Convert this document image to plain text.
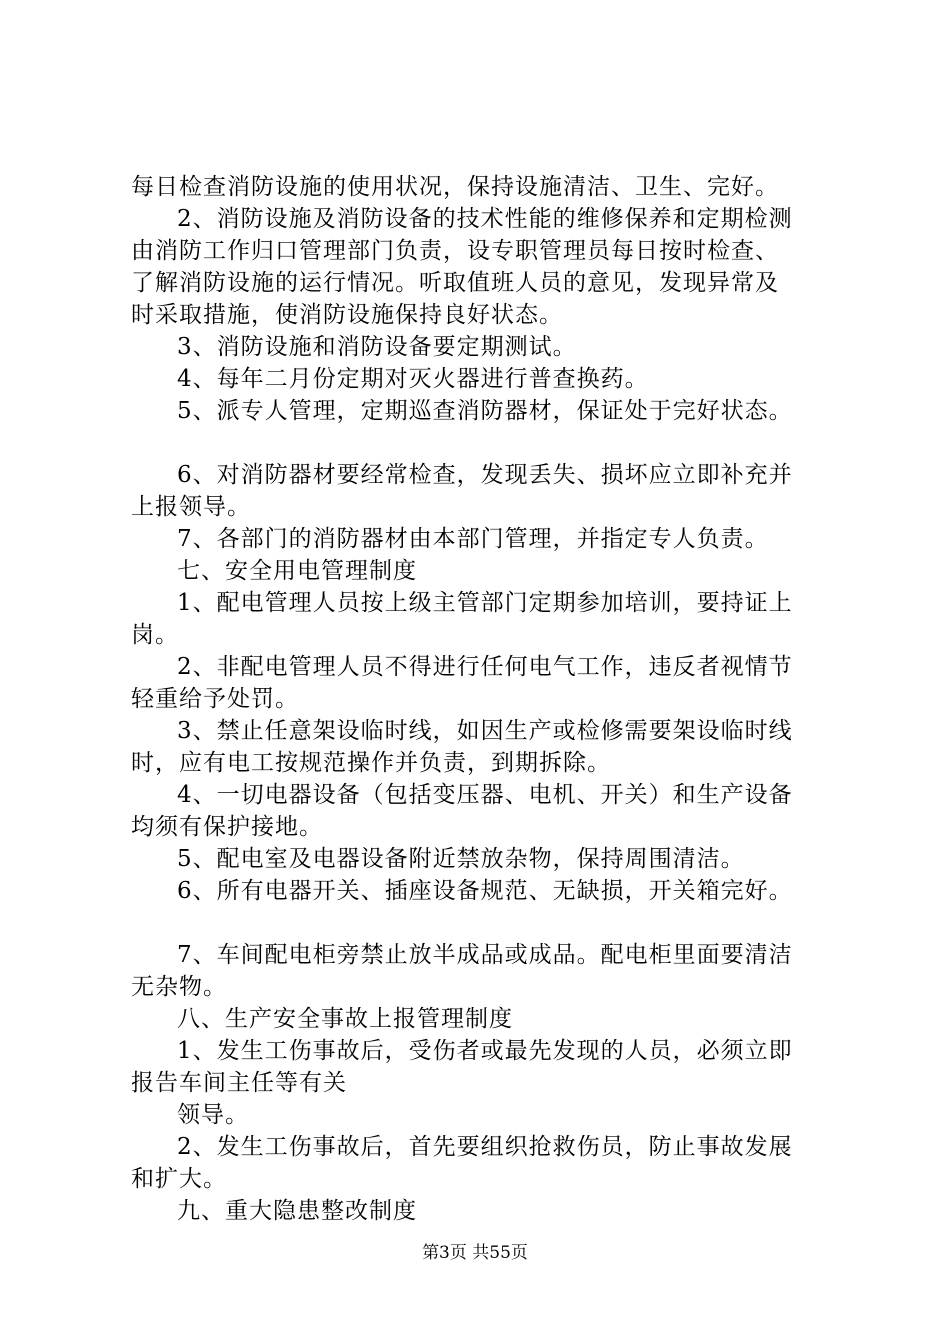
每日检查消防设施的使用状况，保持设施清洁、卫生、完好。
2、消防设施及消防设备的技术性能的维修保养和定期检测
由消防工作归口管理部门负责，设专职管理员每日按时检查、
了解消防设施的运行情况。听取值班人员的意见，发现异常及
时采取措施，使消防设施保持良好状态。
3、消防设施和消防设备要定期测试。
4、每年二月份定期对灭火器进行普查换药。
5、派专人管理，定期巡查消防器材，保证处于完好状态。
6、对消防器材要经常检查，发现丢失、损坏应立即补充并
上报领导。
7、各部门的消防器材由本部门管理，并指定专人负责。
七、安全用电管理制度
1、配电管理人员按上级主管部门定期参加培训，要持证上
岗。
2、非配电管理人员不得进行任何电气工作，违反者视情节
轻重给予处罚。
3、禁止任意架设临时线，如因生产或检修需要架设临时线
时，应有电工按规范操作并负责，到期拆除。
4、一切电器设备（包括变压器、电机、开关）和生产设备
均须有保护接地。
5、配电室及电器设备附近禁放杂物，保持周围清洁。
6、所有电器开关、插座设备规范、无缺损，开关箱完好。
7、车间配电柜旁禁止放半成品或成品。配电柜里面要清洁
无杂物。
八、生产安全事故上报管理制度
1、发生工伤事故后，受伤者或最先发现的人员，必须立即
报告车间主任等有关
领导。
2、发生工伤事故后，首先要组织抢救伤员，防止事故发展
和扩大。
九、重大隐患整改制度
第3页 共55页
